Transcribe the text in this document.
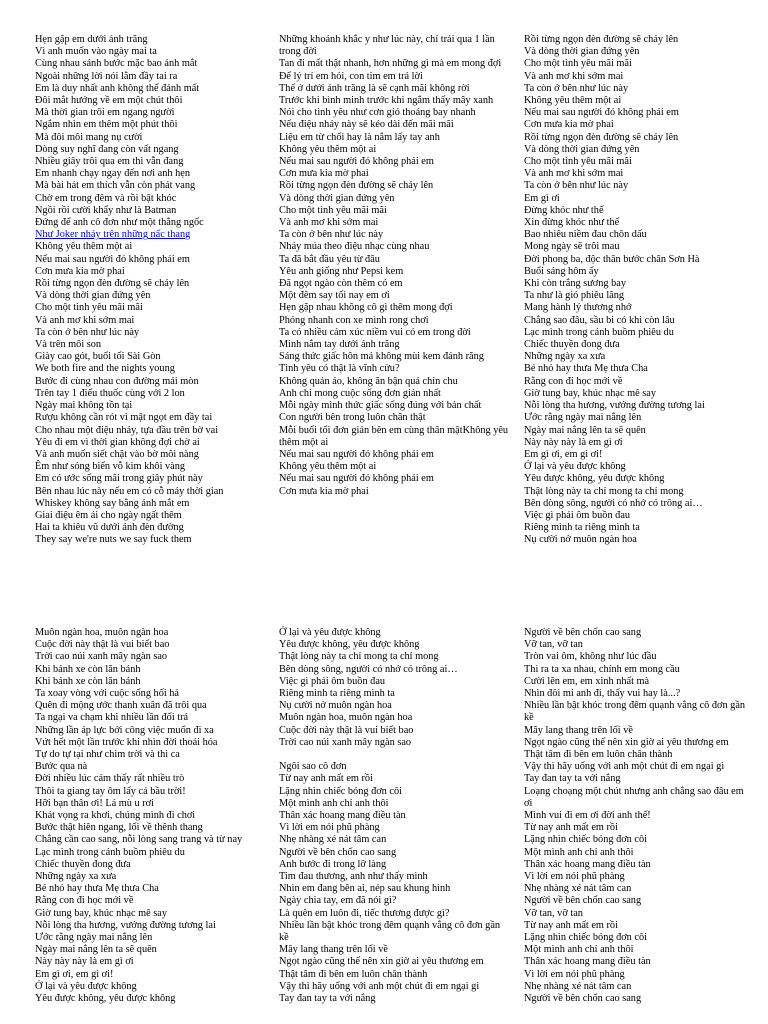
Hẹn gặp em dưới ánh trăng
Vì anh muốn vào ngày mai ta
Cùng nhau sánh bước mặc bao ánh mắt
Ngoài những lời nói lằm đầy tai ra
Em là duy nhất anh không thể đánh mất
Đôi mắt hướng về em một chút thôi
Mà thời gian trôi em ngang người
Ngắm nhìn em thêm một phút thôi
Mà đôi môi mang nụ cười
Dòng suy nghĩ đang còn vất ngang
Nhiều giây trôi qua em thì vẫn đang
Em nhanh chạy ngay đến nơi anh hẹn
Mà bài hát em thích vẫn còn phát vang
Chờ em trong đêm và rồi bật khóc
Ngồi rồi cười khẩy như là Batman
Đứng để anh cô đơn như một thằng ngốc
Như Joker nhảy trên những nấc thang
Không yêu thêm một ai
Nếu mai sau người đó không phải em
Cơn mưa kia mờ phai
Rồi từng ngọn đèn đường sẽ cháy lên
Và dòng thời gian đứng yên
Cho một tình yêu mãi mãi
Và anh mơ khi sớm mai
Ta còn ở bên như lúc này
Và trên môi son
Giày cao gót, buổi tối Sài Gòn
We both fire and the nights young
Bước đi cùng nhau con đường mải mòn
Trên tay 1 điếu thuốc cùng với 2 lon
Ngày mai không tồn tại
Rượu không cần rót vì mật ngọt em đầy tai
Cho nhau một điệu nhảy, tựa đầu trên bờ vai
Yêu đi em vì thời gian không đợi chờ ai
Và anh muốn siết chặt vào bờ môi nàng
Êm như sóng biển vỗ kim khôi vàng
Em có ước sống mãi trong giây phút này
Bên nhau lúc này nếu em có cỗ máy thời gian
Whiskey không say bằng ánh mắt em
Giai điệu êm ái cho ngày ngất thêm
Hai ta khiêu vũ dưới ánh đèn đường
They say we're nuts we say fuck them
Những khoảnh khắc y như lúc này, chỉ trải qua 1 lần trong đời
Tan đi mất thật nhanh, hơn những gì mà em mong đợi
Để lý trí em hỏi, con tim em trả lời
Thế ở dưới ánh trăng là sẽ cạnh mãi không rời
Trước khi bình minh trước khi ngắm thấy mây xanh
Nói cho tình yêu như cơn gió thoáng bay nhanh
Nếu điệu nhảy này sẽ kéo dài đến mãi mãi
Liệu em từ chối hay là nắm lấy tay anh
Không yêu thêm một ai
Nếu mai sau người đó không phải em
Cơn mưa kia mờ phai
Rồi từng ngọn đèn đường sẽ cháy lên
Và dòng thời gian đứng yên
Cho một tình yêu mãi mãi
Và anh mơ khi sớm mai
Ta còn ở bên như lúc này
Nhảy múa theo điệu nhạc cùng nhau
Ta đã bắt đầu yêu từ đâu
Yêu anh giống như Pepsi kem
Đã ngọt ngào còn thêm có em
Một đêm say tối nay em ơi
Hẹn gặp nhau không cô gì thêm mong đợi
Phóng nhanh con xe mình rong chơi
Ta có nhiều cảm xúc niềm vui có em trong đời
Mình nắm tay dưới ánh trăng
Sáng thức giấc hôn má không mùi kem đánh răng
Tình yêu có thật là vĩnh cửu?
Không quản áo, không ăn bận quá chỉn chu
Anh chỉ mong cuộc sống đơn giản nhất
Mỗi ngày mình thức giấc sống đúng với bản chất
Con người bên trong luôn chân thật
Mỗi buổi tối đơn giản bên em cùng thân mậtKhông yêu thêm một ai
Nếu mai sau người đó không phải em
Không yêu thêm một ai
Nếu mai sau người đó không phải em
Cơn mưa kia mờ phai
Rồi từng ngọn đèn đường sẽ cháy lên
Và dòng thời gian đứng yên
Cho một tình yêu mãi mãi
Và anh mơ khi sớm mai
Ta còn ở bên như lúc này
Không yêu thêm một ai
Nếu mai sau người đó không phải em
Cơn mưa kia mờ phai
Rồi từng ngọn đèn đường sẽ cháy lên
Và dòng thời gian đứng yên
Cho một tình yêu mãi mãi
Và anh mơ khi sớm mai
Ta còn ở bên như lúc này
Em gì ơi
Đừng khóc như thế
Xin đừng khóc như thế
Bao nhiêu niềm đau chôn dấu
Mong ngày sẽ trôi mau
Đời phong ba, độc thân bước chân Sơn Hà
Buổi sáng hôm ấy
Khi còn trắng sương bay
Ta như là gió phiêu lãng
Mang hành lý thương nhớ
Chẳng sao đâu, sầu bi có khi còn lâu
Lạc mình trong cánh buồm phiêu du
Chiếc thuyền đong đưa
Những ngày xa xưa
Bé nhỏ hay thưa Mẹ thưa Cha
Rằng con đi học mới về
Giờ tung bay, khúc nhạc mê say
Nỗi lòng tha hương, vướng đường tương lai
Ước rằng ngày mai nắng lên
Ngày mai nắng lên ta sẽ quên
Này này này là em gì ơi
Em gì ơi, em gì ơi!
Ở lại và yêu được không
Yêu được không, yêu được không
Thật lòng này ta chỉ mong ta chỉ mong
Bên dòng sông, người có nhớ có trông ai…
Việc gì phải ôm buồn đau
Riêng mình ta riêng mình ta
Nụ cười nở muôn ngàn hoa
Muôn ngàn hoa, muôn ngàn hoa
Cuộc đời này thật là vui biết bao
Trời cao núi xanh mây ngàn sao
Khi bánh xe còn lăn bánh
Khi bánh xe còn lăn bánh
Ta xoay vòng với cuộc sống hối hả
Quên đi mộng ước thanh xuân đã trôi qua
Ta ngại va chạm khi nhiều lần đối trá
Những lần áp lực bởi công việc muốn đi xa
Vứt hết một lần trước khi nhìn đời thoái hóa
Tự do tự tại như chim trời và thi ca
Bước qua nà
Đời nhiều lúc cảm thấy rất nhiều trò
Thôi ta giang tay ôm lấy cả bầu trời!
Hỡi bạn thân ơi! Lá mù u rơi
Khát vọng ra khơi, chúng mình đi chơi
Bước thật hiên ngang, lối về thênh thang
Chẳng cần cao sang, nỗi lòng sang trang và từ nay
Lạc mình trong cánh buồm phiêu du
Chiếc thuyền đong đưa
Những ngày xa xưa
Bé nhỏ hay thưa Mẹ thưa Cha
Rằng con đi học mới về
Giờ tung bay, khúc nhạc mê say
Nỗi lòng tha hương, vướng đường tương lai
Ước rằng ngày mai nắng lên
Ngày mai nắng lên ta sẽ quên
Này này này là em gì ơi
Em gì ơi, em gì ơi!
Ở lại và yêu được không
Yêu được không, yêu được không
Ở lại và yêu được không
Yêu được không, yêu được không
Thật lòng này ta chỉ mong ta chỉ mong
Bên dòng sông, người có nhớ có trông ai…
Việc gì phải ôm buồn đau
Riêng mình ta riêng mình ta
Nụ cười nở muôn ngàn hoa
Muôn ngàn hoa, muôn ngàn hoa
Cuộc đời này thật là vui biết bao
Trời cao núi xanh mây ngàn sao
Ngôi sao cô đơn
Từ nay anh mất em rồi
Lặng nhìn chiếc bóng đơn côi
Một mình anh chỉ anh thôi
Thân xác hoang mang điều tàn
Vì lời em nói phũ phàng
Nhẹ nhàng xé nát tâm can
Người về bên chốn cao sang
Anh bước đi trong lỡ làng
Tim đau thương, anh như thấy mình
Nhìn em đang bên ai, nép sau khung hình
Ngày chia tay, em đã nói gì?
Là quên em luôn đi, tiếc thương được gì?
Nhiều lần bật khóc trong đêm quạnh vắng cô đơn gần kề
Mây lang thang trên lối về
Ngọt ngào cũng thế nên xin giờ ai yêu thương em
Thật tâm đi bên em luôn chân thành
Vậy thì hãy uống với anh một chút đi em ngại gì
Tay đan tay ta với nắng
Người về bên chốn cao sang
Vỡ tan, vỡ tan
Tròn vai ôm, không như lúc đầu
Thì ra ta xa nhau, chính em mong cầu
Cười lên em, em xinh nhất mà
Nhìn đôi mi anh đi, thấy vui hay là...?
Nhiều lần bật khóc trong đêm quạnh vắng cô đơn gần kề
Mây lang thang trên lối về
Ngọt ngào cũng thế nên xin giờ ai yêu thương em
Thật tâm đi bên em luôn chân thành
Vậy thì hãy uống với anh một chút đi em ngại gì
Tay đan tay ta với nắng
Loạng choạng một chút nhưng anh chẳng sao đâu em ơi
Mình vui đi em ơi đời anh thế!
Từ nay anh mất em rồi
Lặng nhìn chiếc bóng đơn côi
Một mình anh chỉ anh thôi
Thân xác hoang mang điều tàn
Vì lời em nói phũ phàng
Nhẹ nhàng xé nát tâm can
Người về bên chốn cao sang
Vỡ tan, vỡ tan
Từ nay anh mất em rồi
Lặng nhìn chiếc bóng đơn côi
Một mình anh chỉ anh thôi
Thân xác hoang mang điều tàn
Vì lời em nói phũ phàng
Nhẹ nhàng xé nát tâm can
Người về bên chốn cao sang
